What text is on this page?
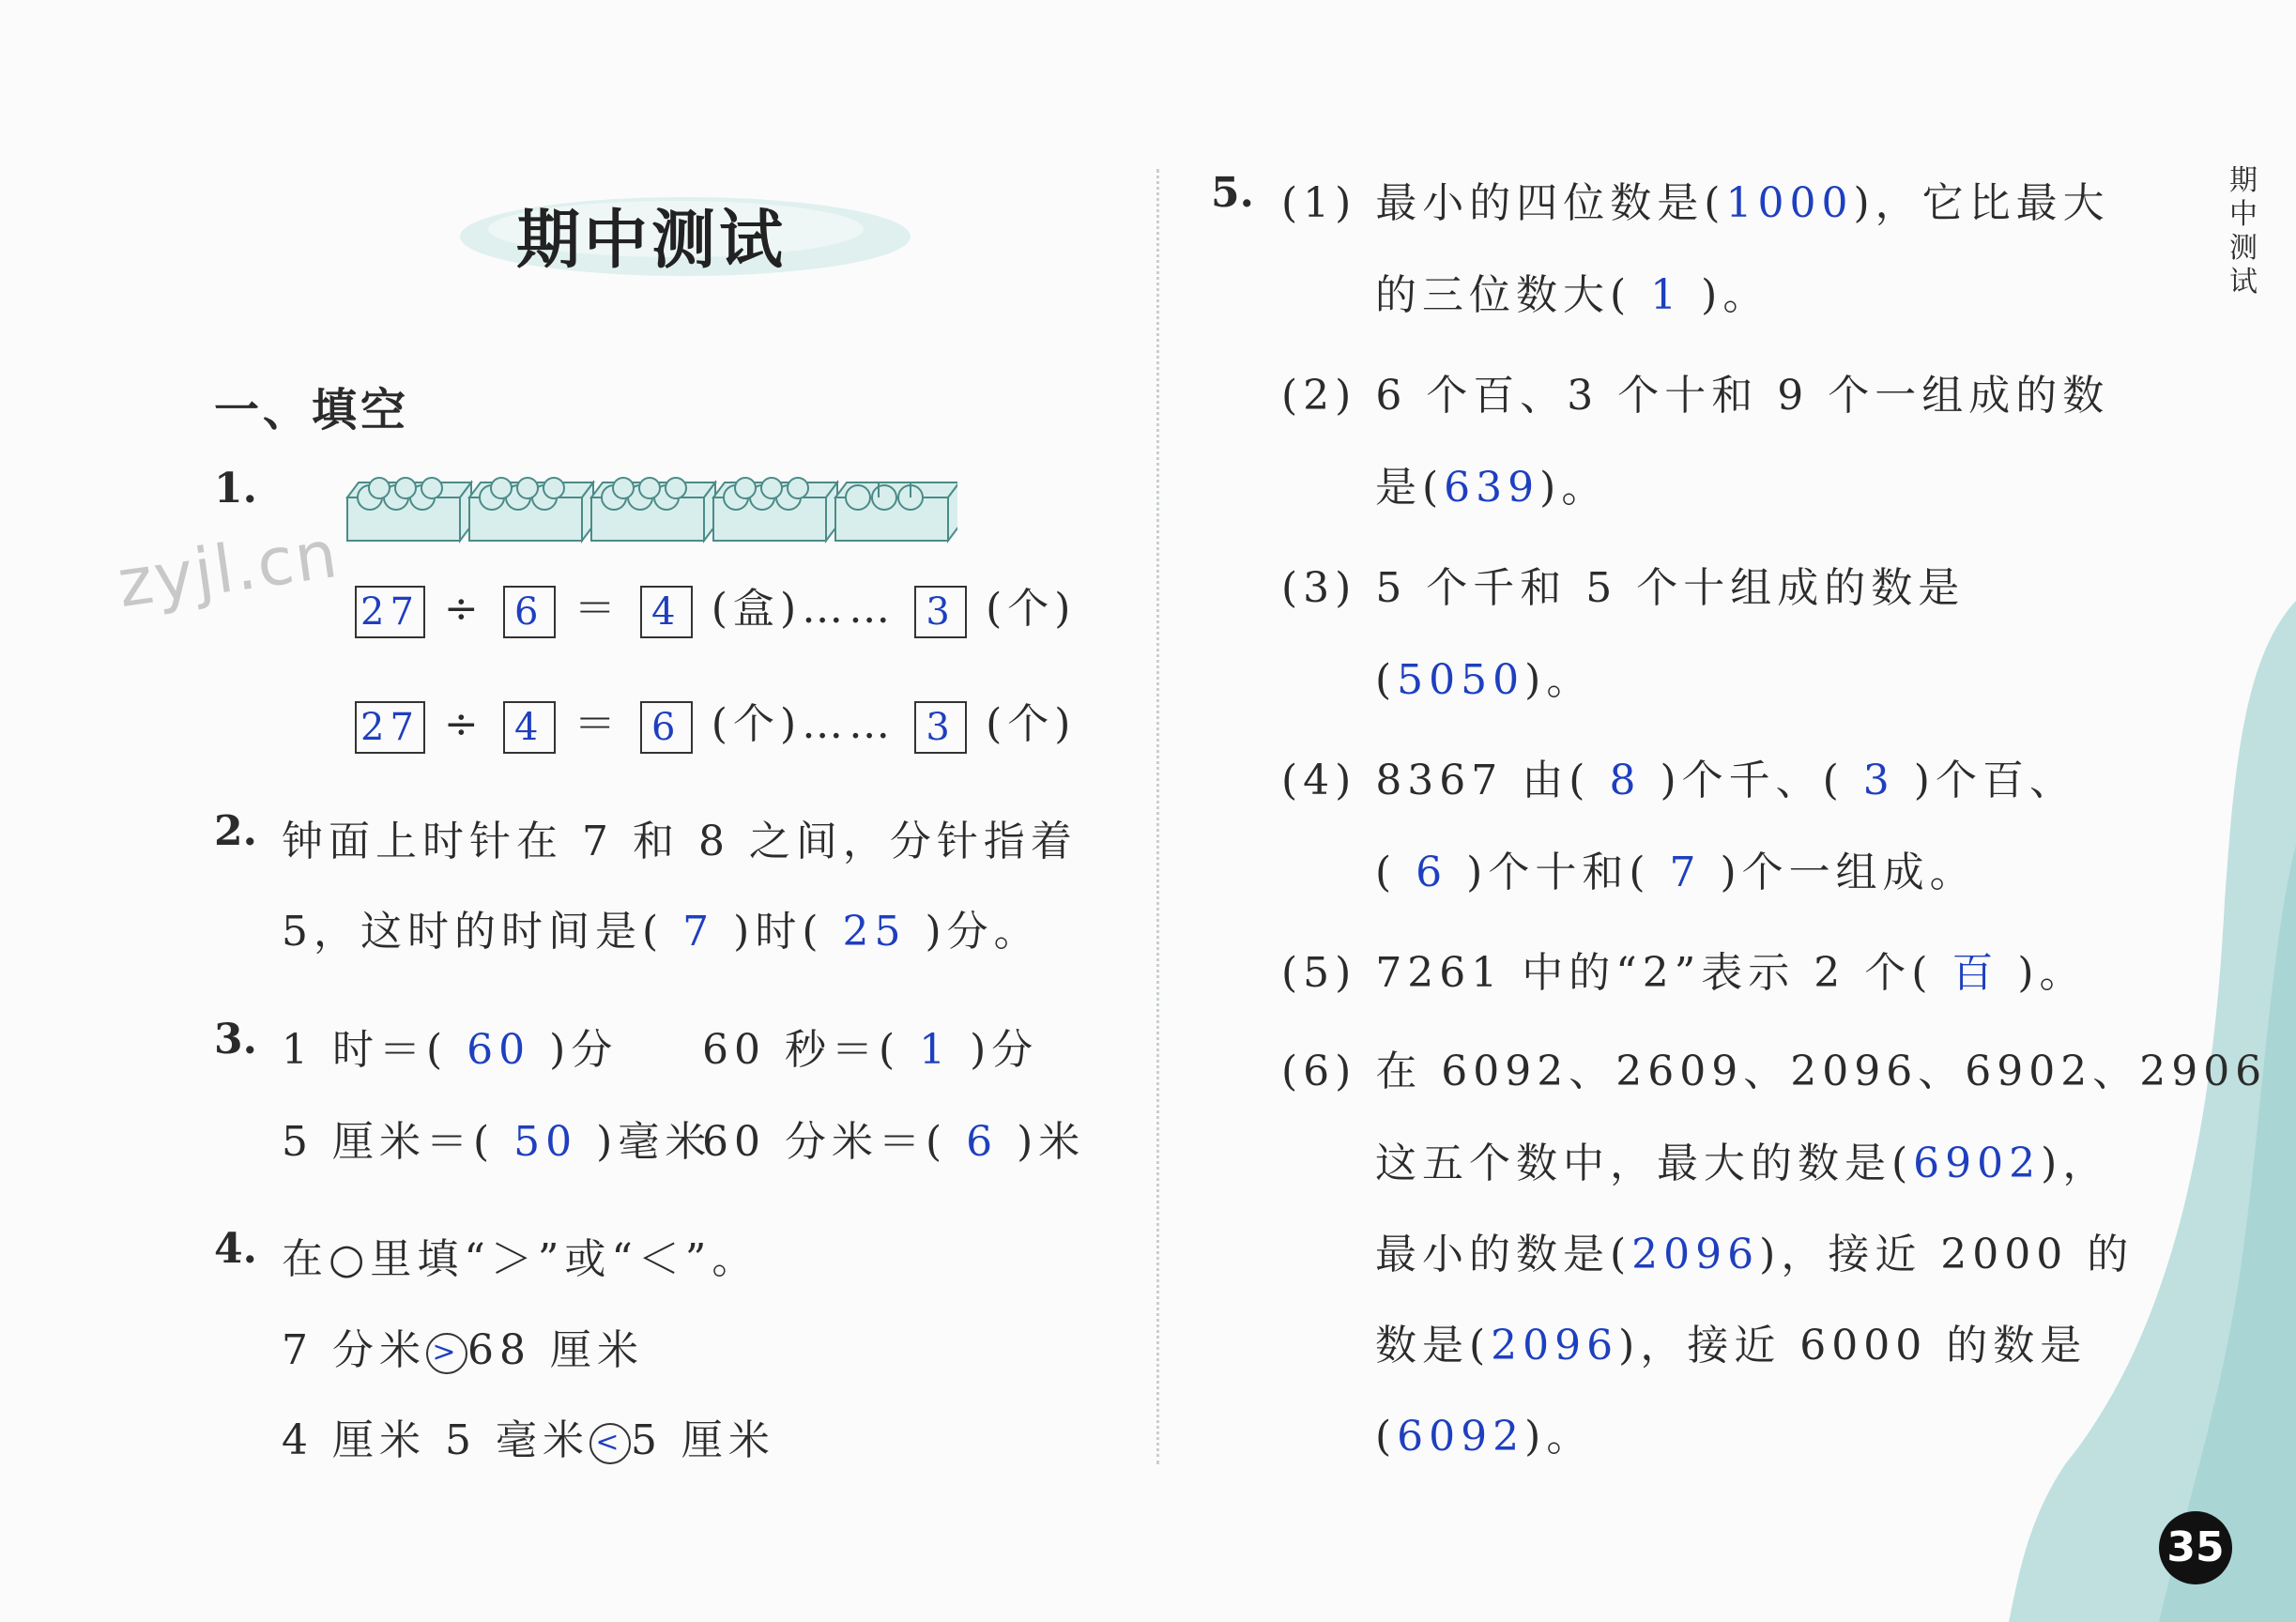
期中测试
期
中
测
试
zyjl.cn
一、填空
1.
27 ÷ 6 ＝ 4 (盒)…… 3 (个)
27 ÷ 4 ＝ 6 (个)…… 3 (个)
2. 钟面上时针在 7 和 8 之间，分针指着
5，这时的时间是( 7 )时( 25 )分。
3. 1 时＝( 60 )分 60 秒＝( 1 )分
5 厘米＝( 50 )毫米
60 分米＝( 6 )米
4. 在○里填“＞”或“＜”。
7 分米 > 68 厘米
4 厘米 5 毫米 < 5 厘米
5. (1) 最小的四位数是(1000)，它比最大
的三位数大( 1 )。
(2) 6 个百、3 个十和 9 个一组成的数
是(639)。
(3) 5 个千和 5 个十组成的数是
(5050)。
(4) 8367 由( 8 )个千、( 3 )个百、
( 6 )个十和( 7 )个一组成。
(5) 7261 中的“2”表示 2 个( 百 )。
(6) 在 6092、2609、2096、6902、2906
这五个数中，最大的数是(6902)，
最小的数是(2096)，接近 2000 的
数是(2096)，接近 6000 的数是
(6092)。
35
